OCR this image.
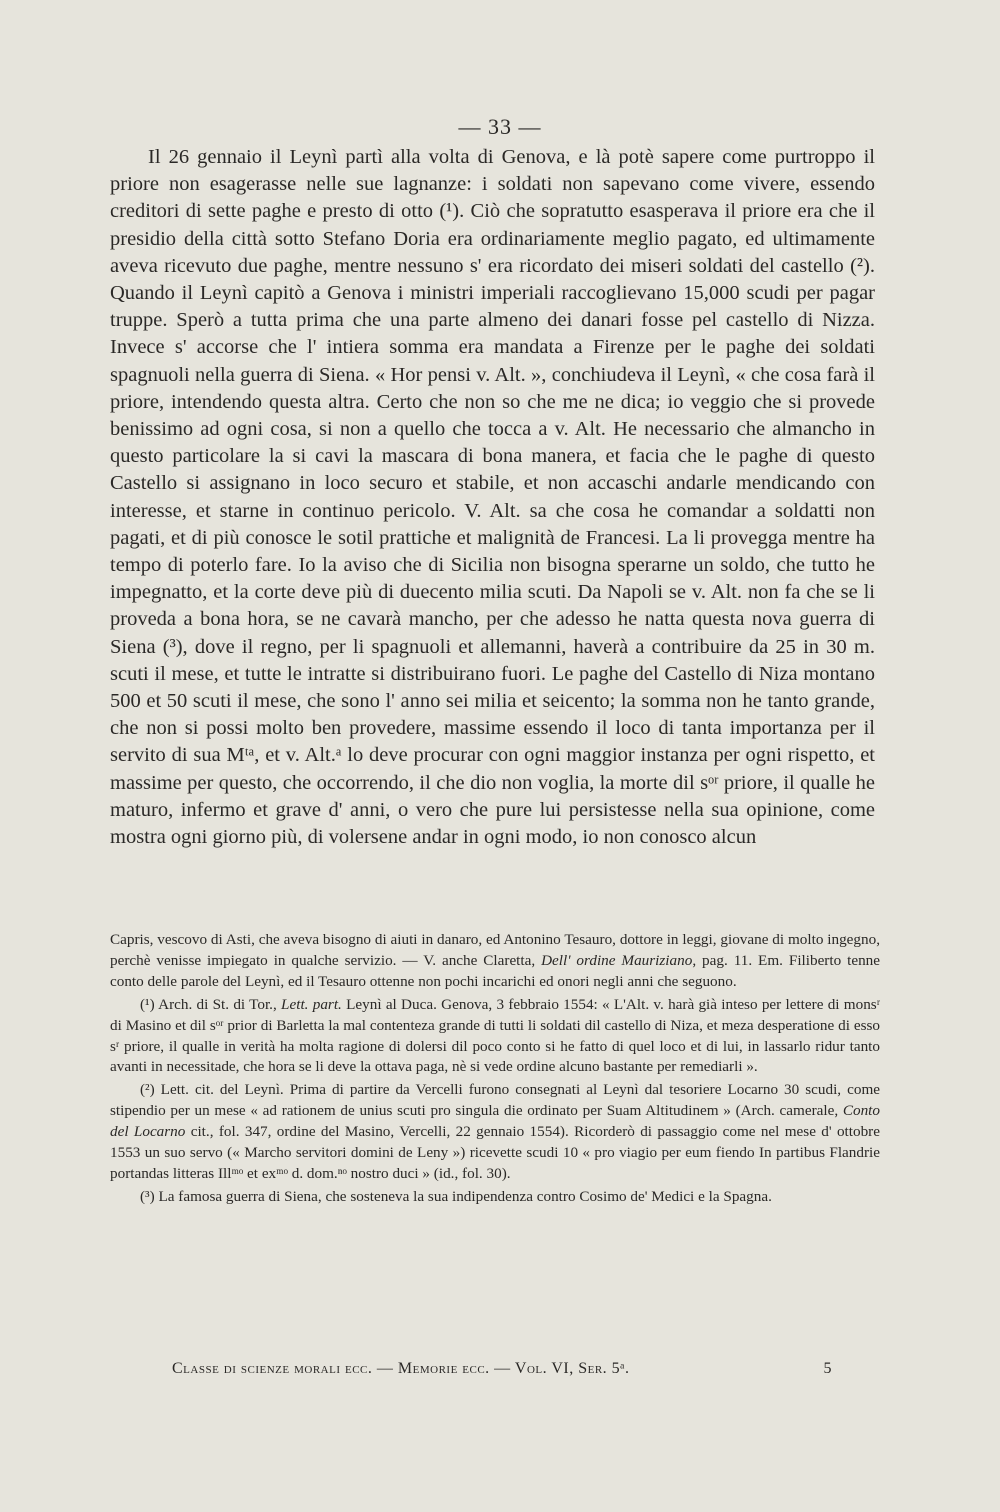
— 33 —

Il 26 gennaio il Leynì partì alla volta di Genova, e là potè sapere come purtroppo il priore non esagerasse nelle sue lagnanze: i soldati non sapevano come vivere, essendo creditori di sette paghe e presto di otto (¹). Ciò che sopratutto esasperava il priore era che il presidio della città sotto Stefano Doria era ordinariamente meglio pagato, ed ultimamente aveva ricevuto due paghe, mentre nessuno s' era ricordato dei miseri soldati del castello (²). Quando il Leynì capitò a Genova i ministri imperiali raccoglievano 15,000 scudi per pagar truppe. Sperò a tutta prima che una parte almeno dei danari fosse pel castello di Nizza. Invece s' accorse che l' intiera somma era mandata a Firenze per le paghe dei soldati spagnuoli nella guerra di Siena. « Hor pensi v. Alt. », conchiudeva il Leynì, « che cosa farà il priore, intendendo questa altra. Certo che non so che me ne dica; io veggio che si provede benissimo ad ogni cosa, si non a quello che tocca a v. Alt. He necessario che almancho in questo particolare la si cavi la mascara di bona manera, et facia che le paghe di questo Castello si assignano in loco securo et stabile, et non accaschi andarle mendicando con interesse, et starne in continuo pericolo. V. Alt. sa che cosa he comandar a soldatti non pagati, et di più conosce le sotil prattiche et malignità de Francesi. La li provegga mentre ha tempo di poterlo fare. Io la aviso che di Sicilia non bisogna sperarne un soldo, che tutto he impegnatto, et la corte deve più di duecento milia scuti. Da Napoli se v. Alt. non fa che se li proveda a bona hora, se ne cavarà mancho, per che adesso he natta questa nova guerra di Siena (³), dove il regno, per li spagnuoli et allemanni, haverà a contribuire da 25 in 30 m. scuti il mese, et tutte le intratte si distribuirano fuori. Le paghe del Castello di Niza montano 500 et 50 scuti il mese, che sono l' anno sei milia et seicento; la somma non he tanto grande, che non si possi molto ben provedere, massime essendo il loco di tanta importanza per il servito di sua Mᵗᵃ, et v. Alt.ᵃ lo deve procurar con ogni maggior instanza per ogni rispetto, et massime per questo, che occorrendo, il che dio non voglia, la morte dil sᵒʳ priore, il qualle he maturo, infermo et grave d' anni, o vero che pure lui persistesse nella sua opinione, come mostra ogni giorno più, di volersene andar in ogni modo, io non conosco alcun

Capris, vescovo di Asti, che aveva bisogno di aiuti in danaro, ed Antonino Tesauro, dottore in leggi, giovane di molto ingegno, perchè venisse impiegato in qualche servizio. — V. anche Claretta, Dell' ordine Mauriziano, pag. 11. Em. Filiberto tenne conto delle parole del Leynì, ed il Tesauro ottenne non pochi incarichi ed onori negli anni che seguono.

(¹) Arch. di St. di Tor., Lett. part. Leynì al Duca. Genova, 3 febbraio 1554: « L'Alt. v. harà già inteso per lettere di monsʳ di Masino et dil sᵒʳ prior di Barletta la mal contenteza grande di tutti li soldati dil castello di Niza, et meza desperatione di esso sʳ priore, il qualle in verità ha molta ragione di dolersi dil poco conto si he fatto di quel loco et di lui, in lassarlo ridur tanto avanti in necessitade, che hora se li deve la ottava paga, nè si vede ordine alcuno bastante per remediarli ».

(²) Lett. cit. del Leynì. Prima di partire da Vercelli furono consegnati al Leynì dal tesoriere Locarno 30 scudi, come stipendio per un mese « ad rationem de unius scuti pro singula die ordinato per Suam Altitudinem » (Arch. camerale, Conto del Locarno cit., fol. 347, ordine del Masino, Vercelli, 22 gennaio 1554). Ricorderò di passaggio come nel mese d' ottobre 1553 un suo servo (« Marcho servitori domini de Leny ») ricevette scudi 10 « pro viagio per eum fiendo In partibus Flandrie portandas litteras Illᵐᵒ et exᵐᵒ d. dom.ⁿᵒ nostro duci » (id., fol. 30).

(³) La famosa guerra di Siena, che sosteneva la sua indipendenza contro Cosimo de' Medici e la Spagna.

Classe di scienze morali ecc. — Memorie ecc. — Vol. VI, Ser. 5ᵃ.	5
